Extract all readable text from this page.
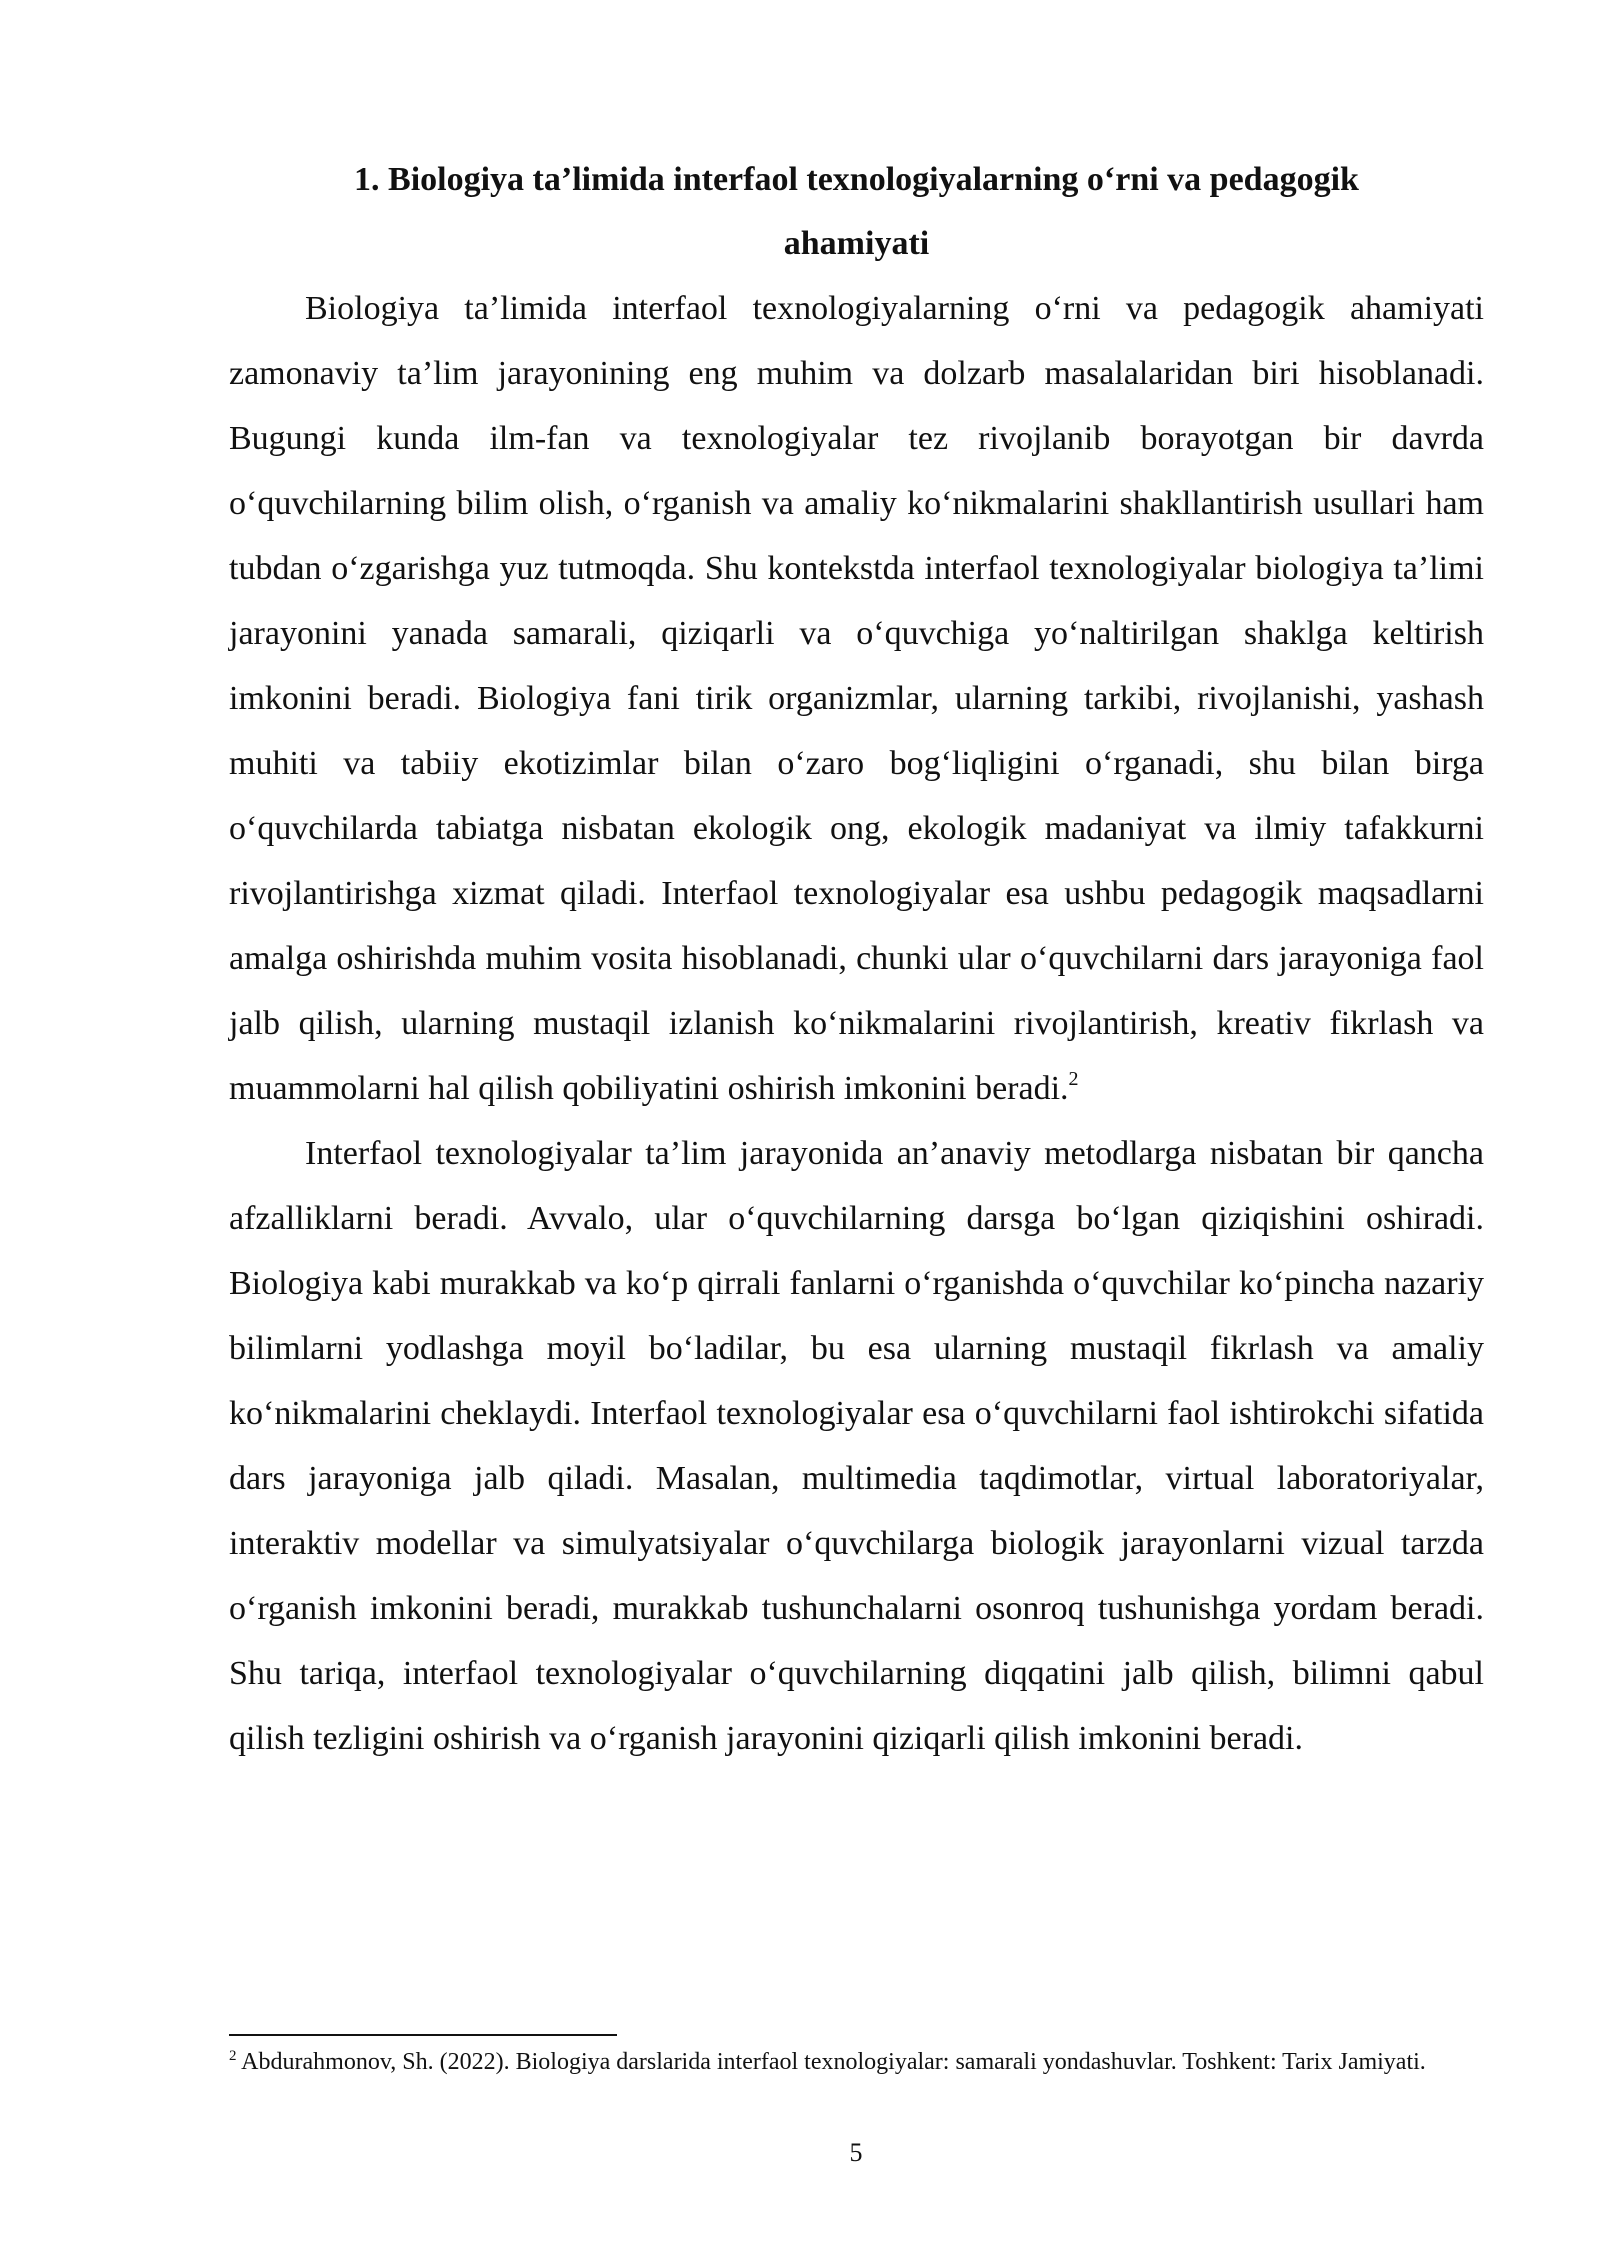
1. Biologiya ta’limida interfaol texnologiyalarning o‘rni va pedagogik
ahamiyati

Biologiya ta’limida interfaol texnologiyalarning o‘rni va pedagogik ahamiyati zamonaviy ta’lim jarayonining eng muhim va dolzarb masalalaridan biri hisoblanadi. Bugungi kunda ilm-fan va texnologiyalar tez rivojlanib borayotgan bir davrda o‘quvchilarning bilim olish, o‘rganish va amaliy ko‘nikmalarini shakllantirish usullari ham tubdan o‘zgarishga yuz tutmoqda. Shu kontekstda interfaol texnologiyalar biologiya ta’limi jarayonini yanada samarali, qiziqarli va o‘quvchiga yo‘naltirilgan shaklga keltirish imkonini beradi. Biologiya fani tirik organizmlar, ularning tarkibi, rivojlanishi, yashash muhiti va tabiiy ekotizimlar bilan o‘zaro bog‘liqligini o‘rganadi, shu bilan birga o‘quvchilarda tabiatga nisbatan ekologik ong, ekologik madaniyat va ilmiy tafakkurni rivojlantirishga xizmat qiladi. Interfaol texnologiyalar esa ushbu pedagogik maqsadlarni amalga oshirishda muhim vosita hisoblanadi, chunki ular o‘quvchilarni dars jarayoniga faol jalb qilish, ularning mustaqil izlanish ko‘nikmalarini rivojlantirish, kreativ fikrlash va muammolarni hal qilish qobiliyatini oshirish imkonini beradi.$^2$

Interfaol texnologiyalar ta’lim jarayonida an’anaviy metodlarga nisbatan bir qancha afzalliklarni beradi. Avvalo, ular o‘quvchilarning darsga bo‘lgan qiziqishini oshiradi. Biologiya kabi murakkab va ko‘p qirrali fanlarni o‘rganishda o‘quvchilar ko‘pincha nazariy bilimlarni yodlashga moyil bo‘ladilar, bu esa ularning mustaqil fikrlash va amaliy ko‘nikmalarini cheklaydi. Interfaol texnologiyalar esa o‘quvchilarni faol ishtirokchi sifatida dars jarayoniga jalb qiladi. Masalan, multimedia taqdimotlar, virtual laboratoriyalar, interaktiv modellar va simulyatsiyalar o‘quvchilarga biologik jarayonlarni vizual tarzda o‘rganish imkonini beradi, murakkab tushunchalarni osonroq tushunishga yordam beradi. Shu tariqa, interfaol texnologiyalar o‘quvchilarning diqqatini jalb qilish, bilimni qabul qilish tezligini oshirish va o‘rganish jarayonini qiziqarli qilish imkonini beradi.

$^2$ Abdurahmonov, Sh. (2022). Biologiya darslarida interfaol texnologiyalar: samarali yondashuvlar. Toshkent: Tarix Jamiyati.

5
